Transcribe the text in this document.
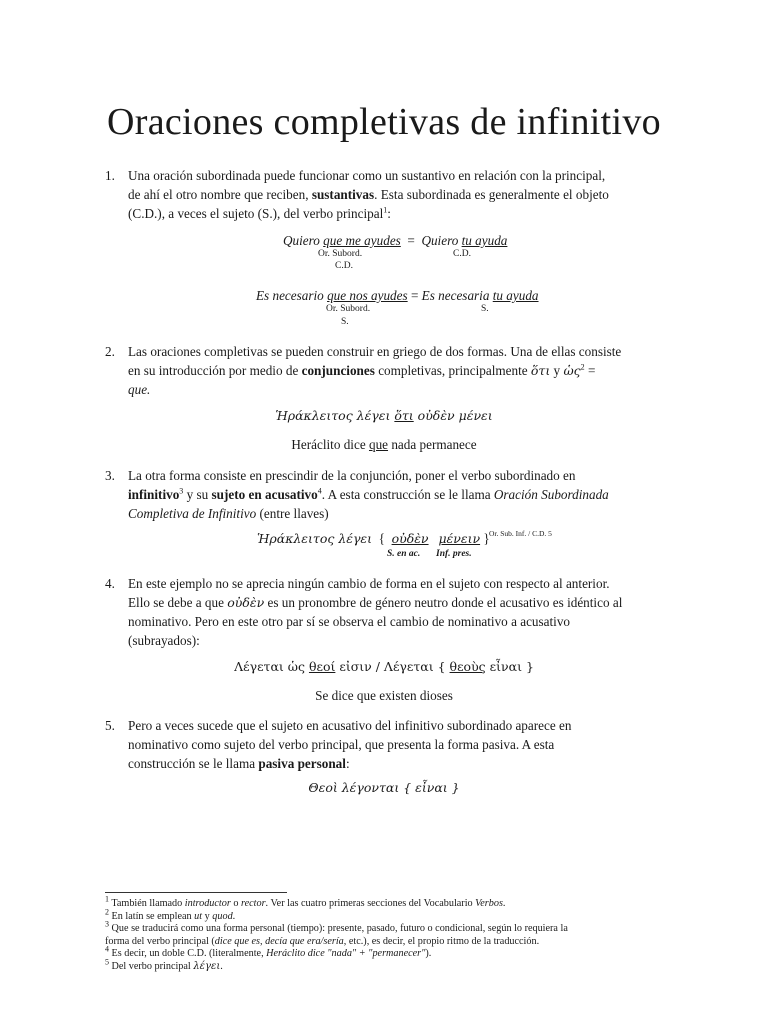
Oraciones completivas de infinitivo
1. Una oración subordinada puede funcionar como un sustantivo en relación con la principal,
de ahí el otro nombre que reciben, sustantivas. Esta subordinada es generalmente el objeto
(C.D.), a veces el sujeto (S.), del verbo principal$^1$:
Quiero que me ayudes = Quiero tu ayuda
Or. Subord.
C.D.
C.D.
Es necesario que nos ayudes = Es necesaria tu ayuda
Or. Subord.
S.
S.
2. Las oraciones completivas se pueden construir en griego de dos formas. Una de ellas consiste
en su introducción por medio de conjunciones completivas, principalmente ὅτι y ὡς$^2$ =
que.
Ἡράκλειτος λέγει ὅτι οὐδὲν μένει
Heráclito dice que nada permanece
3. La otra forma consiste en prescindir de la conjunción, poner el verbo subordinado en
infinitivo$^3$ y su sujeto en acusativo$^4$. A esta construcción se le llama Oración Subordinada
Completiva de Infinitivo (entre llaves)
Ἡράκλειτος λέγει { οὐδὲν μένειν } Or. Sub. Inf. / C.D. 5
S. en ac. Inf. pres.
4. En este ejemplo no se aprecia ningún cambio de forma en el sujeto con respecto al anterior.
Ello se debe a que οὐδὲν es un pronombre de género neutro donde el acusativo es idéntico al
nominativo. Pero en este otro par sí se observa el cambio de nominativo a acusativo
(subrayados):
Λέγεται ὡς θεοί εἰσιν / Λέγεται { θεοὺς εἶναι }
Se dice que existen dioses
5. Pero a veces sucede que el sujeto en acusativo del infinitivo subordinado aparece en
nominativo como sujeto del verbo principal, que presenta la forma pasiva. A esta
construcción se le llama pasiva personal:
Θεοὶ λέγονται { εἶναι }
$^1$ También llamado introductor o rector. Ver las cuatro primeras secciones del Vocabulario Verbos.
$^2$ En latín se emplean ut y quod.
$^3$ Que se traducirá como una forma personal (tiempo): presente, pasado, futuro o condicional, según lo requiera la
forma del verbo principal (dice que es, decía que era/sería, etc.), es decir, el propio ritmo de la traducción.
$^4$ Es decir, un doble C.D. (literalmente, Heráclito dice "nada" + "permanecer").
$^5$ Del verbo principal λέγει.
